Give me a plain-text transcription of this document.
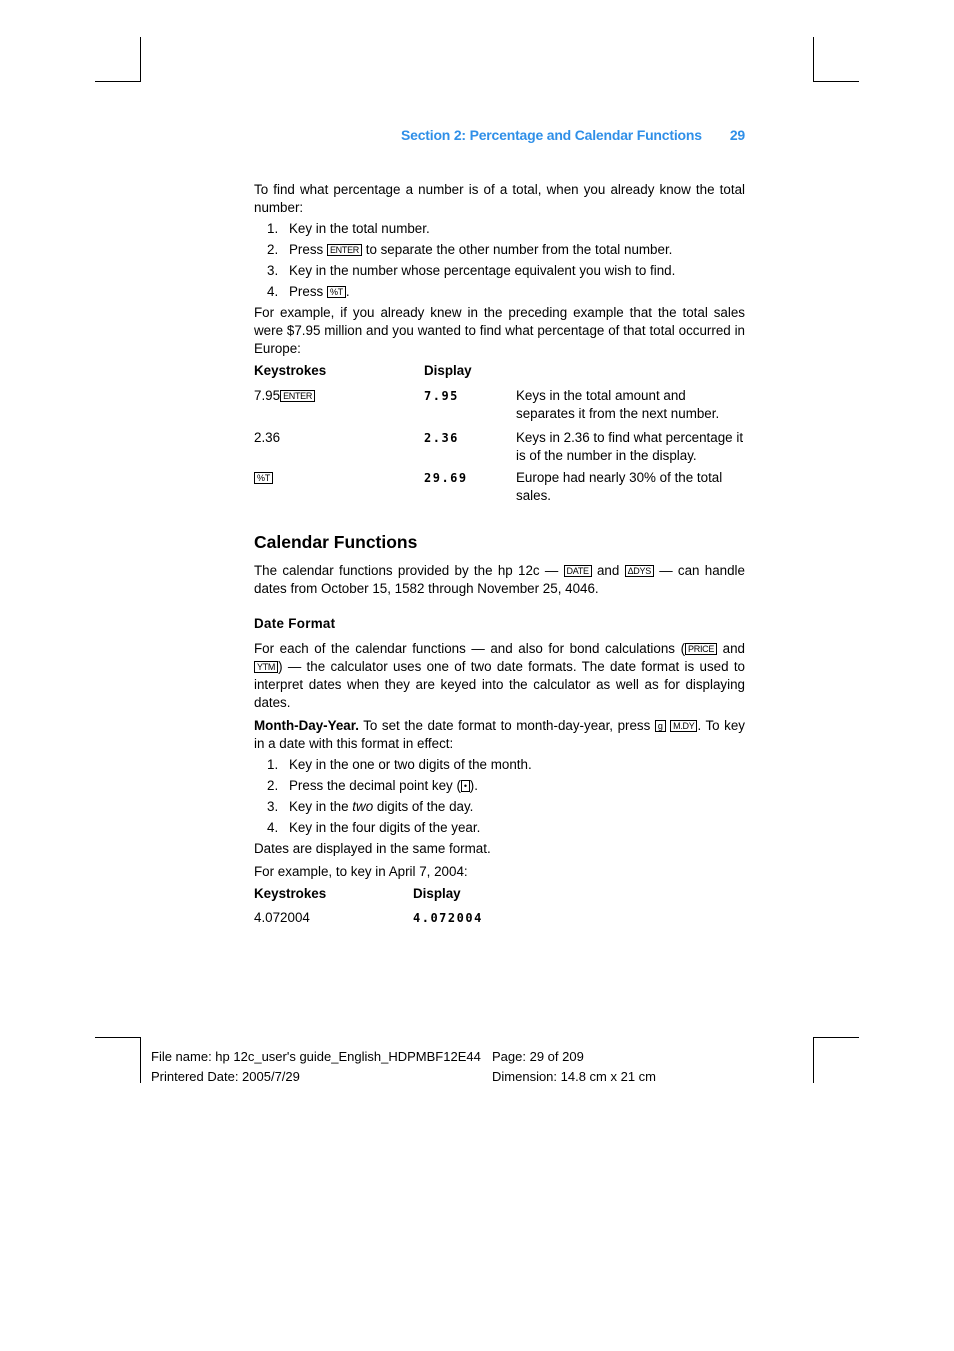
Section 2: Percentage and Calendar Functions 29

To find what percentage a number is of a total, when you already know the total number:

1. Key in the total number.
2. Press ENTER to separate the other number from the total number.
3. Key in the number whose percentage equivalent you wish to find.
4. Press %T .

For example, if you already knew in the preceding example that the total sales were $7.95 million and you wanted to find what percentage of that total occurred in Europe:

Keystrokes	Display	
7.95 ENTER	7.95	Keys in the total amount and separates it from the next number.
2.36	2.36	Keys in 2.36 to find what percentage it is of the number in the display.
%T	29.69	Europe had nearly 30% of the total sales.
Calendar Functions

The calendar functions provided by the hp 12c — DATE and ΔDYS — can handle dates from October 15, 1582 through November 25, 4046.

Date Format

For each of the calendar functions — and also for bond calculations ( PRICE and YTM ) — the calculator uses one of two date formats. The date format is used to interpret dates when they are keyed into the calculator as well as for displaying dates.

Month-Day-Year. To set the date format to month-day-year, press g M.DY . To key in a date with this format in effect:

1. Key in the one or two digits of the month.
2. Press the decimal point key ( • ).
3. Key in the two digits of the day.
4. Key in the four digits of the year.

Dates are displayed in the same format.

For example, to key in April 7, 2004:

Keystrokes	Display
4.072004	4.072004
File name: hp 12c_user's guide_English_HDPMBF12E44
Printered Date: 2005/7/29
Page: 29 of 209
Dimension: 14.8 cm x 21 cm
